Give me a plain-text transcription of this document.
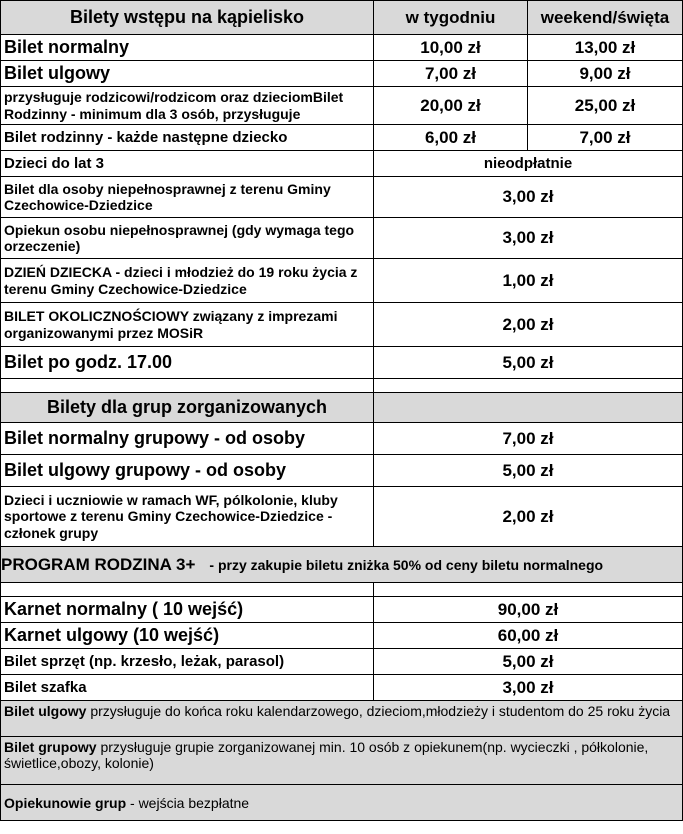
Bilety wstępu na kąpielisko	w tygodniu	weekend/święta
Bilet normalny	10,00 zł	13,00 zł
Bilet ulgowy	7,00 zł	9,00 zł
przysługuje rodzicowi/rodzicom oraz dzieciomBilet Rodzinny - minimum dla 3 osób, przysługuje	20,00 zł	25,00 zł
Bilet rodzinny - każde następne dziecko	6,00 zł	7,00 zł
Dzieci do lat 3	nieodpłatnie	
Bilet dla osoby niepełnosprawnej z terenu Gminy Czechowice-Dziedzice	3,00 zł	
Opiekun osobu niepełnosprawnej (gdy wymaga tego orzeczenie)	3,00 zł	
DZIEŃ DZIECKA - dzieci i młodzież do 19 roku życia z terenu Gminy Czechowice-Dziedzice	1,00 zł	
BILET OKOLICZNOŚCIOWY związany z imprezami organizowanymi przez MOSiR	2,00 zł	
Bilet po godz. 17.00	5,00 zł	

Bilety dla grup zorganizowanych		
Bilet normalny grupowy - od osoby	7,00 zł	
Bilet ulgowy grupowy - od osoby	5,00 zł	
Dzieci i uczniowie w ramach WF, pólkolonie, kluby sportowe z terenu Gminy Czechowice-Dziedzice - członek grupy	2,00 zł	
PROGRAM RODZINA 3+ - przy zakupie biletu zniżka 50% od ceny biletu normalnego		

Karnet normalny ( 10 wejść)	90,00 zł	
Karnet ulgowy (10 wejść)	60,00 zł	
Bilet sprzęt (np. krzesło, leżak, parasol)	5,00 zł	
Bilet szafka	3,00 zł	
Bilet ulgowy przysługuje do końca roku kalendarzowego, dzieciom,młodzieży i studentom do 25 roku życia		
Bilet grupowy przysługuje grupie zorganizowanej min. 10 osób z opiekunem(np. wycieczki , półkolonie, świetlice,obozy, kolonie)		
Opiekunowie grup - wejścia bezpłatne		
